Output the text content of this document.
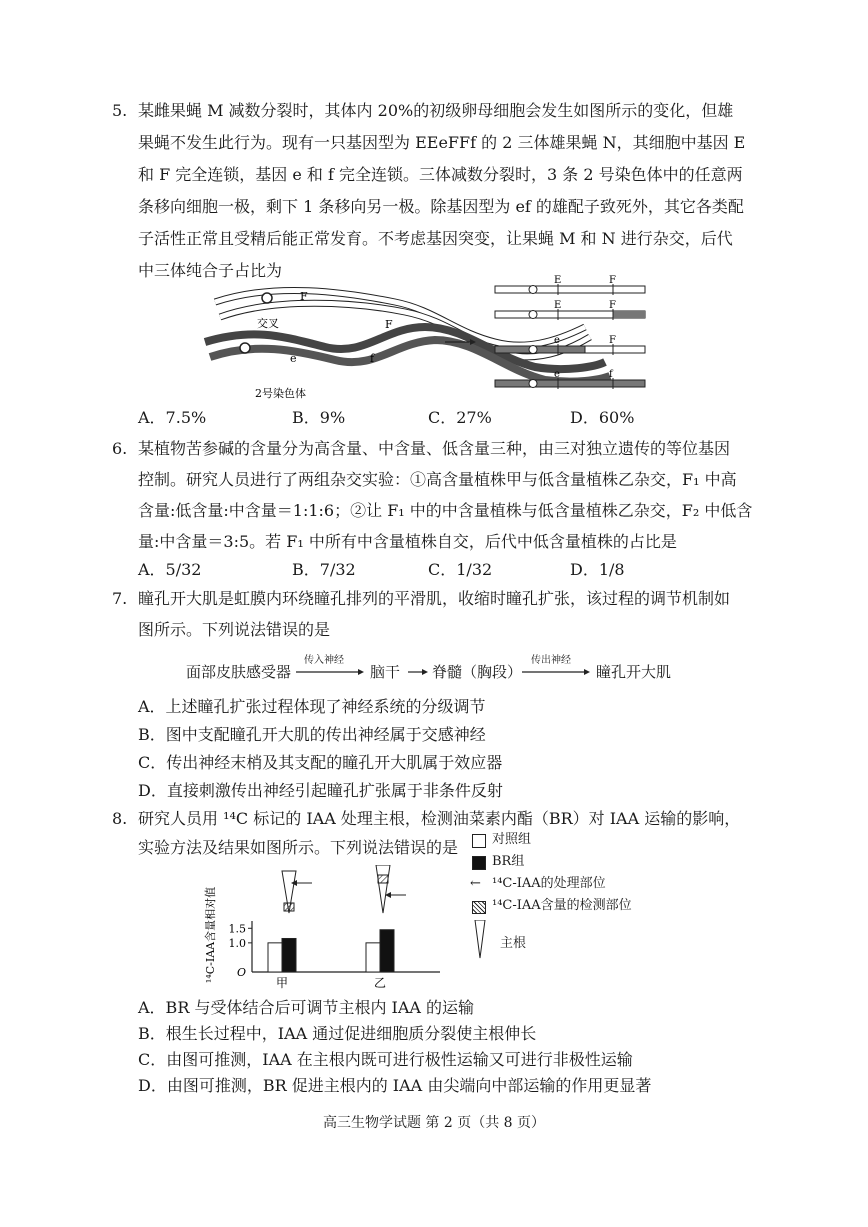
5. 某雌果蝇 M 减数分裂时，其体内 20%的初级卵母细胞会发生如图所示的变化，但雄
果蝇不发生此行为。现有一只基因型为 EEeFFf 的 2 三体雄果蝇 N，其细胞中基因 E
和 F 完全连锁，基因 e 和 f 完全连锁。三体减数分裂时，3 条 2 号染色体中的任意两
条移向细胞一极，剩下 1 条移向另一极。除基因型为 ef 的雄配子致死外，其它各类配
子活性正常且受精后能正常发育。不考虑基因突变，让果蝇 M 和 N 进行杂交，后代
中三体纯合子占比为
F
F
e	f
交叉
2号染色体
E	F
E	F
e	F
e	f
A．7.5%	B．9%	C．27%	D．60%
6. 某植物苦参碱的含量分为高含量、中含量、低含量三种，由三对独立遗传的等位基因
控制。研究人员进行了两组杂交实验：①高含量植株甲与低含量植株乙杂交，F₁ 中高
含量:低含量:中含量＝1:1:6；②让 F₁ 中的中含量植株与低含量植株乙杂交，F₂ 中低含
量:中含量＝3:5。若 F₁ 中所有中含量植株自交，后代中低含量植株的占比是
A．5/32	B．7/32	C．1/32	D．1/8
7. 瞳孔开大肌是虹膜内环绕瞳孔排列的平滑肌，收缩时瞳孔扩张，该过程的调节机制如
图所示。下列说法错误的是
面部皮肤感受器
传入神经
脑干 脊髓（胸段）
传出神经
瞳孔开大肌
A．上述瞳孔扩张过程体现了神经系统的分级调节
B．图中支配瞳孔开大肌的传出神经属于交感神经
C．传出神经末梢及其支配的瞳孔开大肌属于效应器
D．直接刺激传出神经引起瞳孔扩张属于非条件反射
8. 研究人员用 ¹⁴C 标记的 IAA 处理主根，检测油菜素内酯（BR）对 IAA 运输的影响，
实验方法及结果如图所示。下列说法错误的是
¹⁴C-IAA含量相对值 O
1.0
1.5
甲	乙
对照组
BR组
← ¹⁴C-IAA的处理部位
¹⁴C-IAA含量的检测部位
主根
A．BR 与受体结合后可调节主根内 IAA 的运输
B．根生长过程中，IAA 通过促进细胞质分裂使主根伸长
C．由图可推测，IAA 在主根内既可进行极性运输又可进行非极性运输
D．由图可推测，BR 促进主根内的 IAA 由尖端向中部运输的作用更显著
高三生物学试题 第 2 页（共 8 页）
